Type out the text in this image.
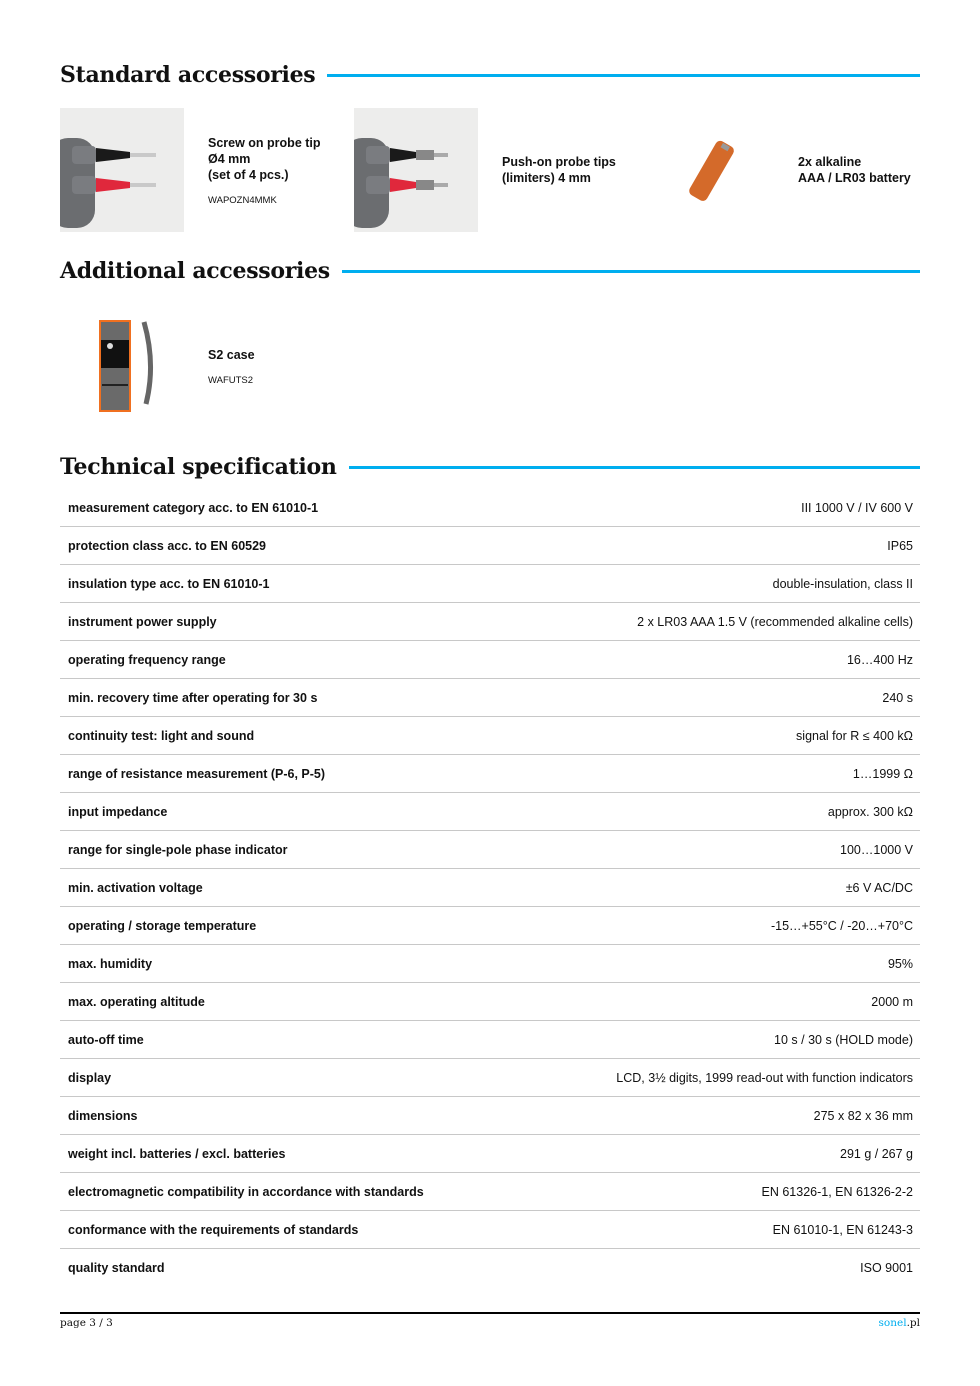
Standard accessories
Screw on probe tip
Ø4 mm
(set of 4 pcs.)
WAPOZN4MMK
Push-on probe tips
(limiters) 4 mm
2x alkaline
AAA / LR03 battery
Additional accessories
S2 case
WAFUTS2
Technical specification
measurement category acc. to EN 61010-1	III 1000 V / IV 600 V
protection class acc. to EN 60529	IP65
insulation type acc. to EN 61010-1	double-insulation, class II
instrument power supply	2 x LR03 AAA 1.5 V (recommended alkaline cells)
operating frequency range	16…400 Hz
min. recovery time after operating for 30 s	240 s
continuity test: light and sound	signal for R ≤ 400 kΩ
range of resistance measurement (P-6, P-5)	1…1999 Ω
input impedance	approx. 300 kΩ
range for single-pole phase indicator	100…1000 V
min. activation voltage	±6 V AC/DC
operating / storage temperature	-15…+55°C / -20…+70°C
max. humidity	95%
max. operating altitude	2000 m
auto-off time	10 s / 30 s (HOLD mode)
display	LCD, 3½ digits, 1999 read-out with function indicators
dimensions	275 x 82 x 36 mm
weight incl. batteries / excl. batteries	291 g / 267 g
electromagnetic compatibility in accordance with standards	EN 61326-1, EN 61326-2-2
conformance with the requirements of standards	EN 61010-1, EN 61243-3
quality standard	ISO 9001
page 3 / 3	sonel.pl
